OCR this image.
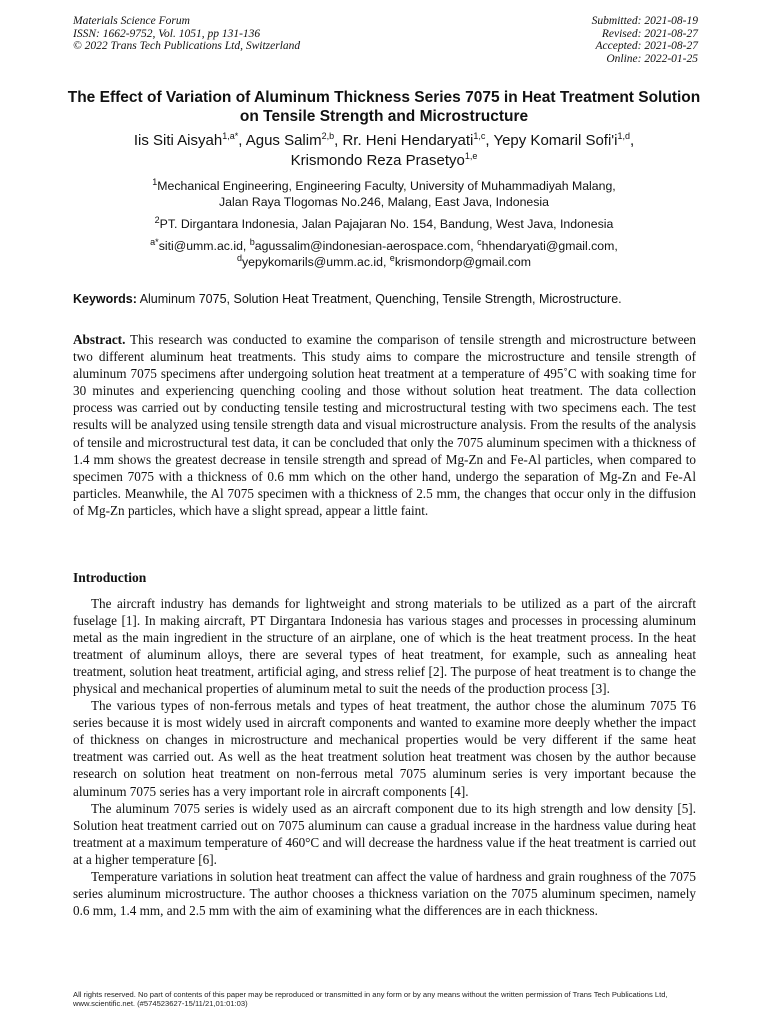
Materials Science Forum
ISSN: 1662-9752, Vol. 1051, pp 131-136
© 2022 Trans Tech Publications Ltd, Switzerland
Submitted: 2021-08-19
Revised: 2021-08-27
Accepted: 2021-08-27
Online: 2022-01-25
The Effect of Variation of Aluminum Thickness Series 7075 in Heat Treatment Solution on Tensile Strength and Microstructure
Iis Siti Aisyah$^{1,a*}$, Agus Salim$^{2,b}$, Rr. Heni Hendaryati$^{1,c}$, Yepy Komaril $Sofi'i^{1,d}$,
Krismondo Reza Prasetyo$^{1,e}$
$^1$Mechanical Engineering, Engineering Faculty, University of Muhammadiyah Malang,
Jalan Raya Tlogomas No.246, Malang, East Java, Indonesia
$^2$PT. Dirgantara Indonesia, Jalan Pajajaran No. 154, Bandung, West Java, Indonesia
$^{a*}$siti@umm.ac.id, $^b$agussalim@indonesian-aerospace.com, $^c$hhendaryati@gmail.com,
$^d$yepykomarils@umm.ac.id, $^e$krismondorp@gmail.com
Keywords: Aluminum 7075, Solution Heat Treatment, Quenching, Tensile Strength, Microstructure.
Abstract. This research was conducted to examine the comparison of tensile strength and microstructure between two different aluminum heat treatments. This study aims to compare the microstructure and tensile strength of aluminum 7075 specimens after undergoing solution heat treatment at a temperature of 495˚C with soaking time for 30 minutes and experiencing quenching cooling and those without solution heat treatment. The data collection process was carried out by conducting tensile testing and microstructural testing with two specimens each. The test results will be analyzed using tensile strength data and visual microstructure analysis. From the results of the analysis of tensile and microstructural test data, it can be concluded that only the 7075 aluminum specimen with a thickness of 1.4 mm shows the greatest decrease in tensile strength and spread of Mg-Zn and Fe-Al particles, when compared to specimen 7075 with a thickness of 0.6 mm which on the other hand, undergo the separation of Mg-Zn and Fe-Al particles. Meanwhile, the Al 7075 specimen with a thickness of 2.5 mm, the changes that occur only in the diffusion of Mg-Zn particles, which have a slight spread, appear a little faint.
Introduction

The aircraft industry has demands for lightweight and strong materials to be utilized as a part of the aircraft fuselage [1]. In making aircraft, PT Dirgantara Indonesia has various stages and processes in processing aluminum metal as the main ingredient in the structure of an airplane, one of which is the heat treatment process. In the heat treatment of aluminum alloys, there are several types of heat treatment, for example, such as annealing heat treatment, solution heat treatment, artificial aging, and stress relief [2]. The purpose of heat treatment is to change the physical and mechanical properties of aluminum metal to suit the needs of the production process [3].

The various types of non-ferrous metals and types of heat treatment, the author chose the aluminum 7075 T6 series because it is most widely used in aircraft components and wanted to examine more deeply whether the impact of thickness on changes in microstructure and mechanical properties would be very different if the same heat treatment was carried out. As well as the heat treatment solution heat treatment was chosen by the author because research on solution heat treatment on non-ferrous metal 7075 aluminum series is very important because the aluminum 7075 series has a very important role in aircraft components [4].

The aluminum 7075 series is widely used as an aircraft component due to its high strength and low density [5]. Solution heat treatment carried out on 7075 aluminum can cause a gradual increase in the hardness value during heat treatment at a maximum temperature of 460°C and will decrease the hardness value if the heat treatment is carried out at a higher temperature [6].

Temperature variations in solution heat treatment can affect the value of hardness and grain roughness of the 7075 series aluminum microstructure. The author chooses a thickness variation on the 7075 aluminum specimen, namely 0.6 mm, 1.4 mm, and 2.5 mm with the aim of examining what the differences are in each thickness.

All rights reserved. No part of contents of this paper may be reproduced or transmitted in any form or by any means without the written permission of Trans Tech Publications Ltd, www.scientific.net. (#574523627-15/11/21,01:01:03)
